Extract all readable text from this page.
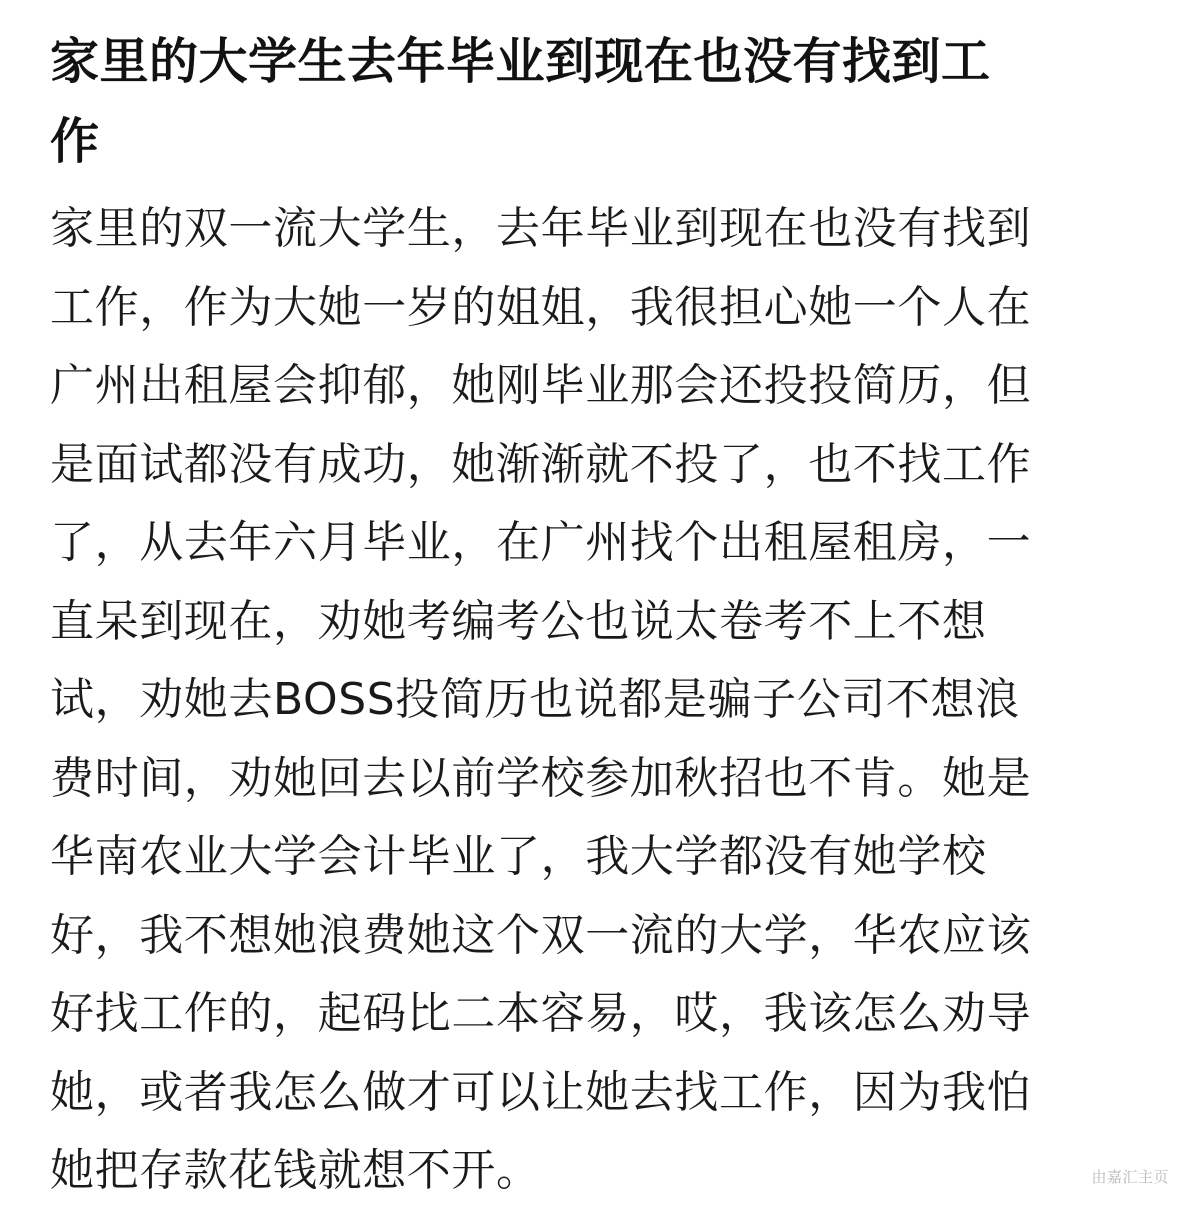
家里的大学生去年毕业到现在也没有找到工
作

家里的双一流大学生，去年毕业到现在也没有找到
工作，作为大她一岁的姐姐，我很担心她一个人在
广州出租屋会抑郁，她刚毕业那会还投投简历，但
是面试都没有成功，她渐渐就不投了，也不找工作
了，从去年六月毕业，在广州找个出租屋租房，一
直呆到现在，劝她考编考公也说太卷考不上不想
试，劝她去BOSS投简历也说都是骗子公司不想浪
费时间，劝她回去以前学校参加秋招也不肯。她是
华南农业大学会计毕业了，我大学都没有她学校
好，我不想她浪费她这个双一流的大学，华农应该
好找工作的，起码比二本容易，哎，我该怎么劝导
她，或者我怎么做才可以让她去找工作，因为我怕
她把存款花钱就想不开。	由嘉汇主页
